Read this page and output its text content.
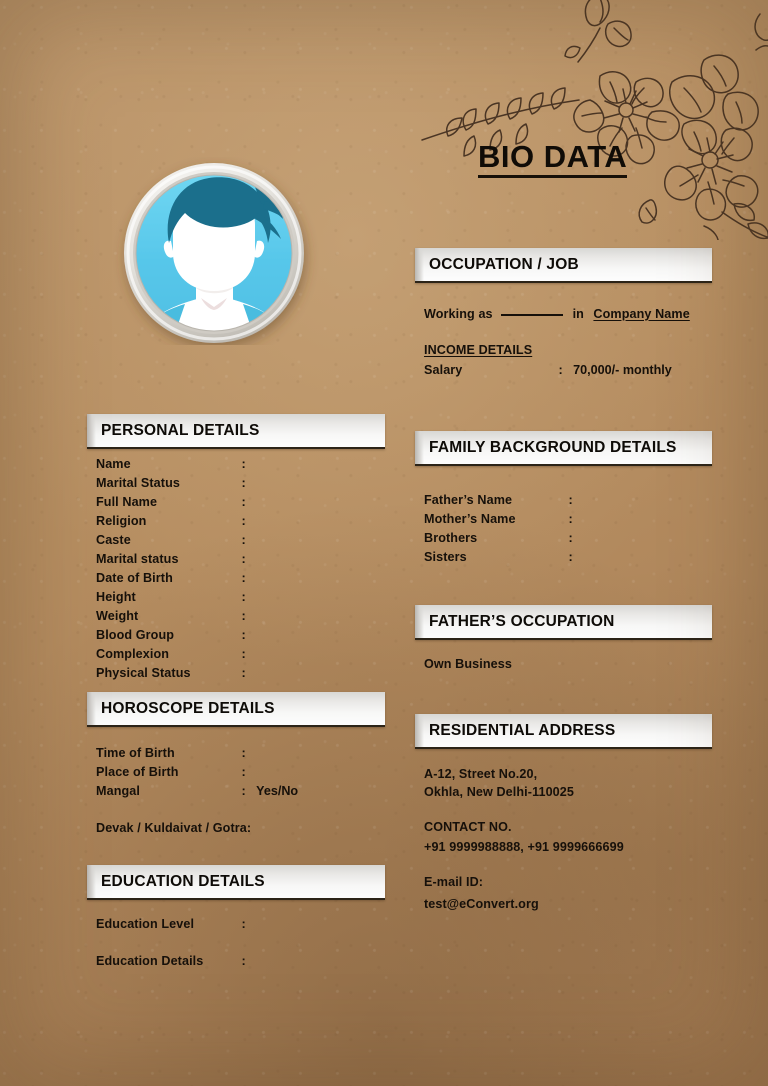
BIO DATA
OCCUPATION / JOB
Working as	in Company Name
INCOME DETAILS
Salary	: 70,000/- monthly
PERSONAL DETAILS
Name	:
Marital Status	:
Full Name	:
Religion	:
Caste	:
Marital status	:
Date of Birth	:
Height	:
Weight	:
Blood Group	:
Complexion	:
Physical Status	:
HOROSCOPE DETAILS
Time of Birth	:
Place of Birth	:
Mangal	: Yes/No
Devak / Kuldaivat / Gotra:
EDUCATION DETAILS
Education Level	:
Education Details	:
FAMILY BACKGROUND DETAILS
Father’s Name	:
Mother’s Name	:
Brothers	:
Sisters	:
FATHER’S OCCUPATION
Own Business
RESIDENTIAL ADDRESS
A-12, Street No.20,
Okhla, New Delhi-110025
CONTACT NO.
+91 9999988888, +91 9999666699
E-mail ID:
test@eConvert.org
